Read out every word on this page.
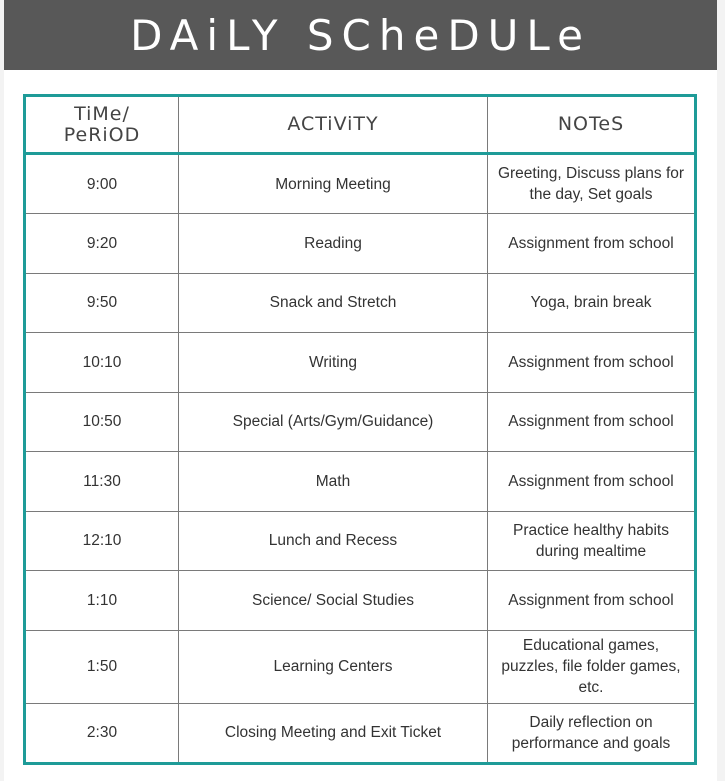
DAiLY SCheDULe
TiMe/ PeRiOD	ACTiViTY	NOTeS
9:00	Morning Meeting	Greeting, Discuss plans for the day, Set goals
9:20	Reading	Assignment from school
9:50	Snack and Stretch	Yoga, brain break
10:10	Writing	Assignment from school
10:50	Special (Arts/Gym/Guidance)	Assignment from school
11:30	Math	Assignment from school
12:10	Lunch and Recess	Practice healthy habits during mealtime
1:10	Science/ Social Studies	Assignment from school
1:50	Learning Centers	Educational games, puzzles, file folder games, etc.
2:30	Closing Meeting and Exit Ticket	Daily reflection on performance and goals
